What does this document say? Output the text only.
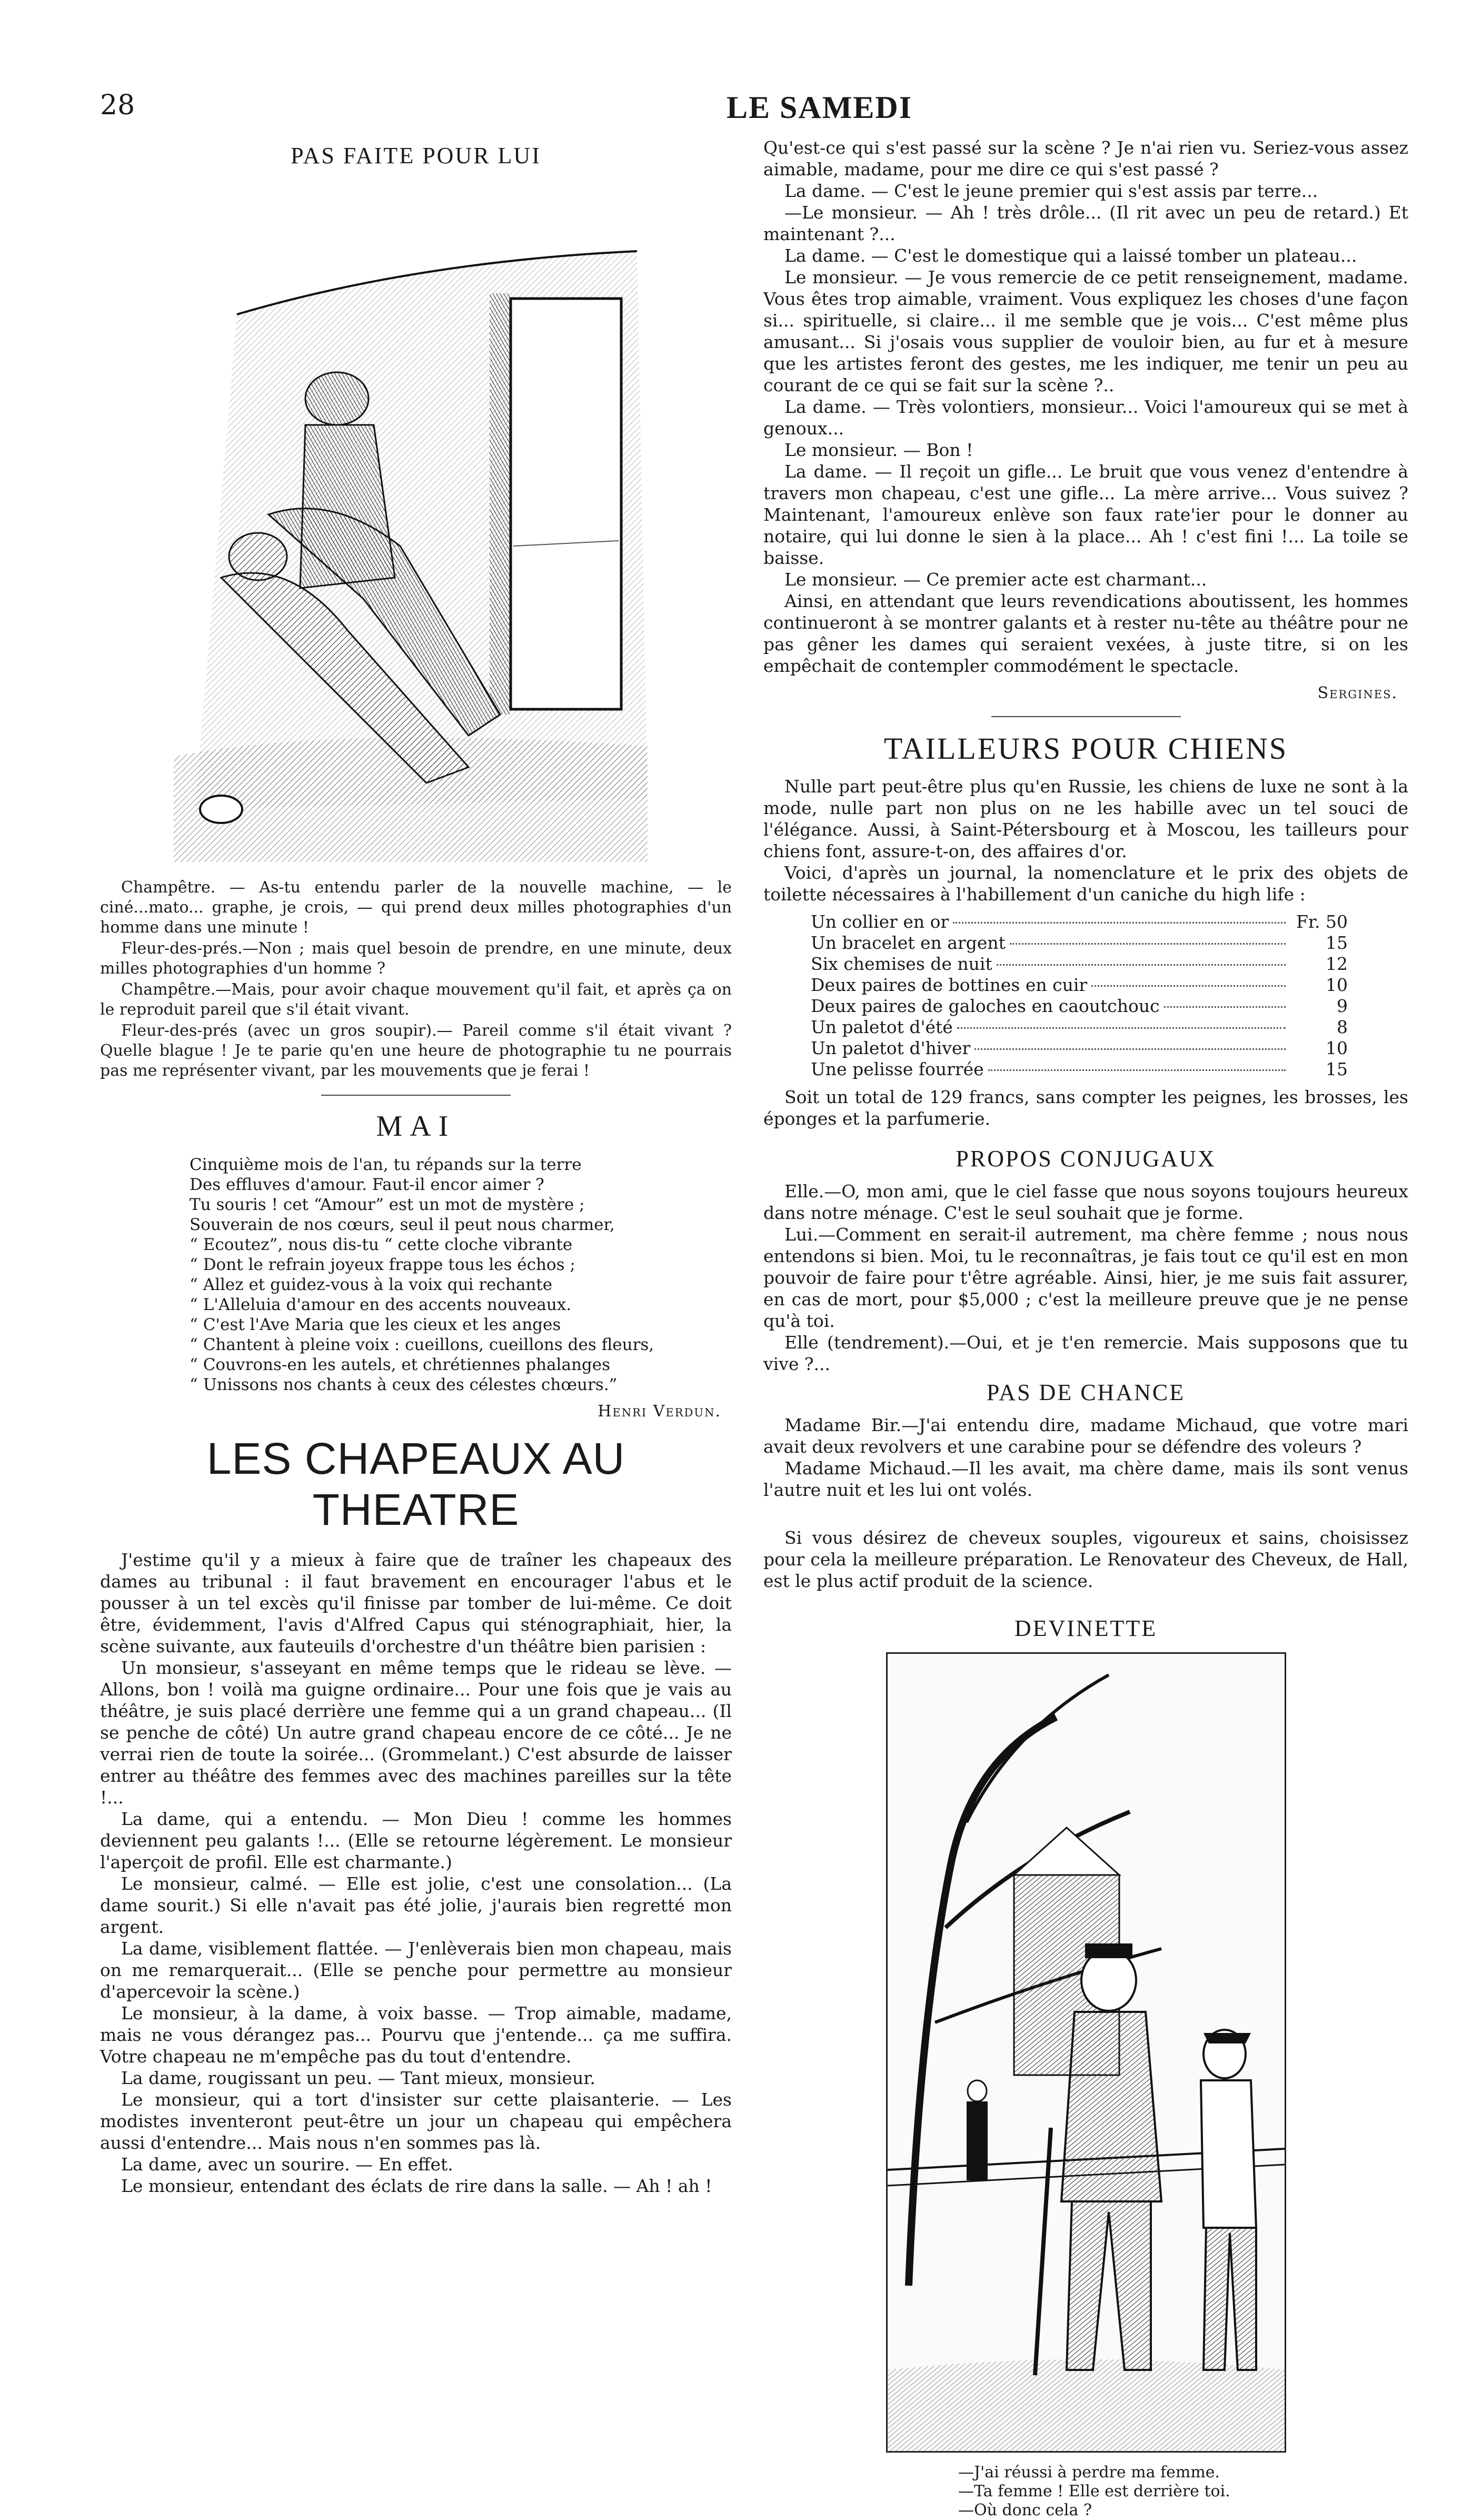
28	LE SAMEDI
PAS FAITE POUR LUI

Champêtre. — As-tu entendu parler de la nouvelle machine, — le ciné...mato... graphe, je crois, — qui prend deux milles photographies d'un homme dans une minute !

Fleur-des-prés.—Non ; mais quel besoin de prendre, en une minute, deux milles photographies d'un homme ?

Champêtre.—Mais, pour avoir chaque mouvement qu'il fait, et après ça on le reproduit pareil que s'il était vivant.

Fleur-des-prés (avec un gros soupir).— Pareil comme s'il était vivant ? Quelle blague ! Je te parie qu'en une heure de photographie tu ne pourrais pas me représenter vivant, par les mouvements que je ferai !

MAI
Cinquième mois de l'an, tu répands sur la terre
Des effluves d'amour. Faut-il encor aimer ?
Tu souris ! cet “Amour” est un mot de mystère ;
Souverain de nos cœurs, seul il peut nous charmer,
“ Ecoutez”, nous dis-tu “ cette cloche vibrante
“ Dont le refrain joyeux frappe tous les échos ;
“ Allez et guidez-vous à la voix qui rechante
“ L'Alleluia d'amour en des accents nouveaux.
“ C'est l'Ave Maria que les cieux et les anges
“ Chantent à pleine voix : cueillons, cueillons des fleurs,
“ Couvrons-en les autels, et chrétiennes phalanges
“ Unissons nos chants à ceux des célestes chœurs.”
Henri Verdun.
LES CHAPEAUX AU THEATRE

J'estime qu'il y a mieux à faire que de traîner les chapeaux des dames au tribunal : il faut bravement en encourager l'abus et le pousser à un tel excès qu'il finisse par tomber de lui-même. Ce doit être, évidemment, l'avis d'Alfred Capus qui sténographiait, hier, la scène suivante, aux fauteuils d'orchestre d'un théâtre bien parisien :

Un monsieur, s'asseyant en même temps que le rideau se lève. — Allons, bon ! voilà ma guigne ordinaire... Pour une fois que je vais au théâtre, je suis placé derrière une femme qui a un grand chapeau... (Il se penche de côté) Un autre grand chapeau encore de ce côté... Je ne verrai rien de toute la soirée... (Grommelant.) C'est absurde de laisser entrer au théâtre des femmes avec des machines pareilles sur la tête !...

La dame, qui a entendu. — Mon Dieu ! comme les hommes deviennent peu galants !... (Elle se retourne légèrement. Le monsieur l'aperçoit de profil. Elle est charmante.)

Le monsieur, calmé. — Elle est jolie, c'est une consolation... (La dame sourit.) Si elle n'avait pas été jolie, j'aurais bien regretté mon argent.

La dame, visiblement flattée. — J'enlèverais bien mon chapeau, mais on me remarquerait... (Elle se penche pour permettre au monsieur d'apercevoir la scène.)

Le monsieur, à la dame, à voix basse. — Trop aimable, madame, mais ne vous dérangez pas... Pourvu que j'entende... ça me suffira. Votre chapeau ne m'empêche pas du tout d'entendre.

La dame, rougissant un peu. — Tant mieux, monsieur.

Le monsieur, qui a tort d'insister sur cette plaisanterie. — Les modistes inventeront peut-être un jour un chapeau qui empêchera aussi d'entendre... Mais nous n'en sommes pas là.

La dame, avec un sourire. — En effet.

Le monsieur, entendant des éclats de rire dans la salle. — Ah ! ah !

Qu'est-ce qui s'est passé sur la scène ? Je n'ai rien vu. Seriez-vous assez aimable, madame, pour me dire ce qui s'est passé ?

La dame. — C'est le jeune premier qui s'est assis par terre...

—Le monsieur. — Ah ! très drôle... (Il rit avec un peu de retard.) Et maintenant ?...

La dame. — C'est le domestique qui a laissé tomber un plateau...

Le monsieur. — Je vous remercie de ce petit renseignement, madame. Vous êtes trop aimable, vraiment. Vous expliquez les choses d'une façon si... spirituelle, si claire... il me semble que je vois... C'est même plus amusant... Si j'osais vous supplier de vouloir bien, au fur et à mesure que les artistes feront des gestes, me les indiquer, me tenir un peu au courant de ce qui se fait sur la scène ?..

La dame. — Très volontiers, monsieur... Voici l'amoureux qui se met à genoux...

Le monsieur. — Bon !

La dame. — Il reçoit un gifle... Le bruit que vous venez d'entendre à travers mon chapeau, c'est une gifle... La mère arrive... Vous suivez ? Maintenant, l'amoureux enlève son faux rate'ier pour le donner au notaire, qui lui donne le sien à la place... Ah ! c'est fini !... La toile se baisse.

Le monsieur. — Ce premier acte est charmant...

Ainsi, en attendant que leurs revendications aboutissent, les hommes continueront à se montrer galants et à rester nu-tête au théâtre pour ne pas gêner les dames qui seraient vexées, à juste titre, si on les empêchait de contempler commodément le spectacle.

Sergines.
TAILLEURS POUR CHIENS

Nulle part peut-être plus qu'en Russie, les chiens de luxe ne sont à la mode, nulle part non plus on ne les habille avec un tel souci de l'élégance. Aussi, à Saint-Pétersbourg et à Moscou, les tailleurs pour chiens font, assure-t-on, des affaires d'or.

Voici, d'après un journal, la nomenclature et le prix des objets de toilette nécessaires à l'habillement d'un caniche du high life :

Un collier en or	Fr. 50
Un bracelet en argent	15
Six chemises de nuit	12
Deux paires de bottines en cuir	10
Deux paires de galoches en caoutchouc	9
Un paletot d'été	8
Un paletot d'hiver	10
Une pelisse fourrée	15

Soit un total de 129 francs, sans compter les peignes, les brosses, les éponges et la parfumerie.

PROPOS CONJUGAUX

Elle.—O, mon ami, que le ciel fasse que nous soyons toujours heureux dans notre ménage. C'est le seul souhait que je forme.

Lui.—Comment en serait-il autrement, ma chère femme ; nous nous entendons si bien. Moi, tu le reconnaîtras, je fais tout ce qu'il est en mon pouvoir de faire pour t'être agréable. Ainsi, hier, je me suis fait assurer, en cas de mort, pour $5,000 ; c'est la meilleure preuve que je ne pense qu'à toi.

Elle (tendrement).—Oui, et je t'en remercie. Mais supposons que tu vive ?...

PAS DE CHANCE

Madame Bir.—J'ai entendu dire, madame Michaud, que votre mari avait deux revolvers et une carabine pour se défendre des voleurs ?

Madame Michaud.—Il les avait, ma chère dame, mais ils sont venus l'autre nuit et les lui ont volés.

Si vous désirez de cheveux souples, vigoureux et sains, choisissez pour cela la meilleure préparation. Le Renovateur des Cheveux, de Hall, est le plus actif produit de la science.

DEVINETTE
—J'ai réussi à perdre ma femme.
—Ta femme ! Elle est derrière toi.
—Où donc cela ?
